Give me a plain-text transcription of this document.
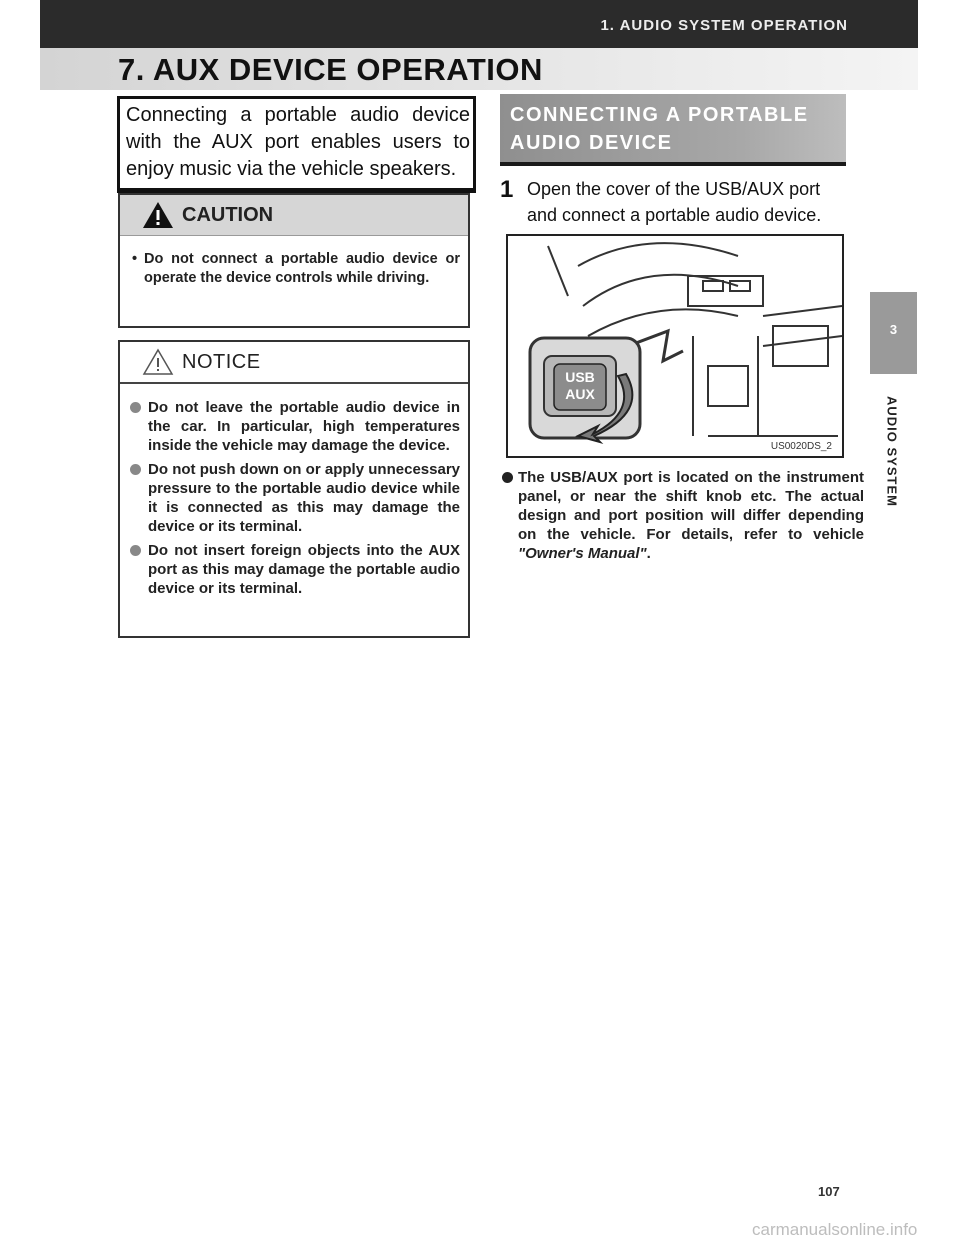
1. AUDIO SYSTEM OPERATION
7. AUX DEVICE OPERATION
Connecting a portable audio device with the AUX port enables users to enjoy music via the vehicle speakers.
CAUTION
• Do not connect a portable audio device or operate the device controls while driving.
NOTICE
Do not leave the portable audio device in the car. In particular, high temperatures inside the vehicle may damage the device.
Do not push down on or apply unnecessary pressure to the portable audio device while it is connected as this may damage the device or its terminal.
Do not insert foreign objects into the AUX port as this may damage the portable audio device or its terminal.
CONNECTING A PORTABLE
AUDIO DEVICE
1 Open the cover of the USB/AUX port and connect a portable audio device.
USB
AUX
US0020DS_2
The USB/AUX port is located on the instrument panel, or near the shift knob etc. The actual design and port position will differ depending on the vehicle. For details, refer to vehicle "Owner's Manual".
3
AUDIO SYSTEM
107
carmanualsonline.info
